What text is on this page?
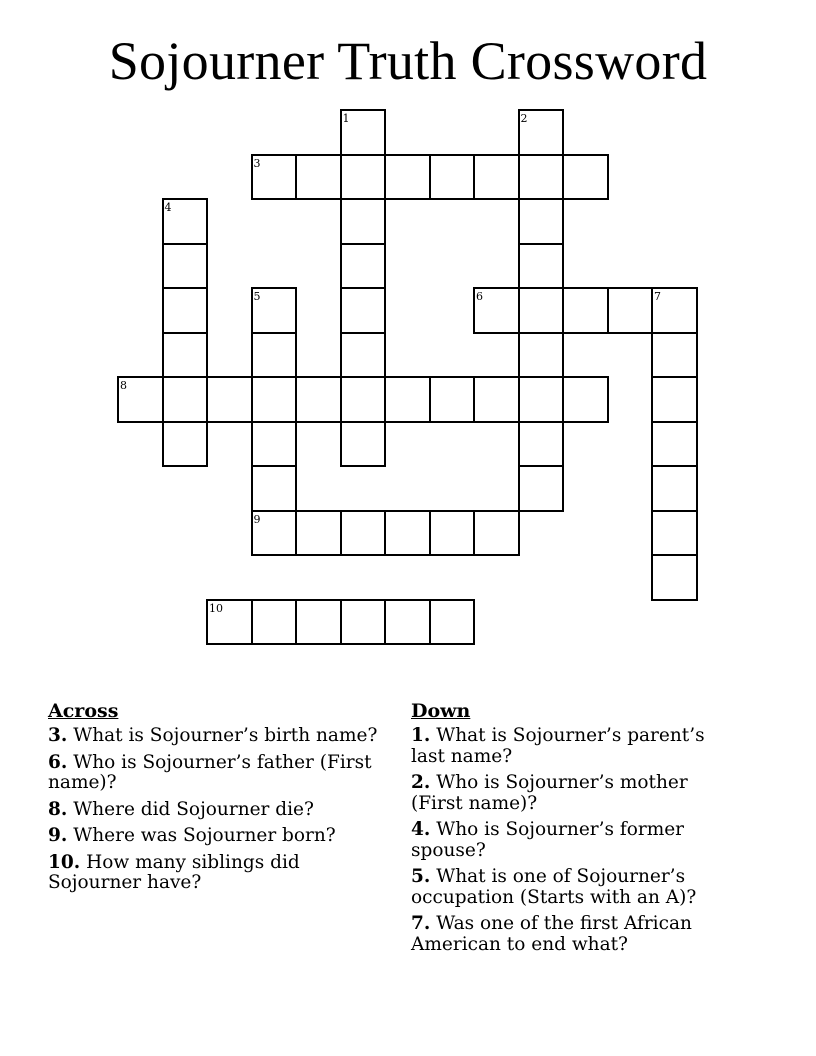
Sojourner Truth Crossword
1	2
3
4
5	6	7
8
9
10
Across
3. What is Sojourner’s birth name?
6. Who is Sojourner’s father (First name)?
8. Where did Sojourner die?
9. Where was Sojourner born?
10. How many siblings did Sojourner have?
Down
1. What is Sojourner’s parent’s last name?
2. Who is Sojourner’s mother (First name)?
4. Who is Sojourner’s former spouse?
5. What is one of Sojourner’s occupation (Starts with an A)?
7. Was one of the first African American to end what?
